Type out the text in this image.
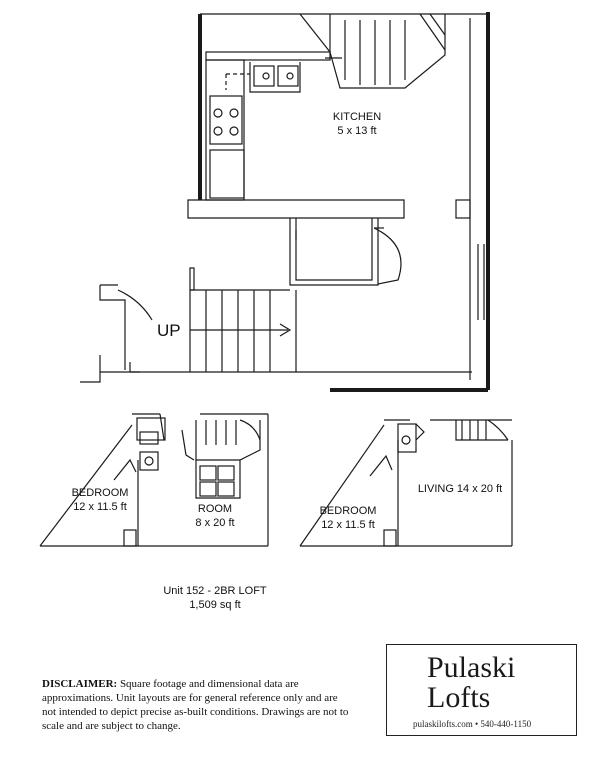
UP
KITCHEN
5 x 13 ft
BEDROOM
12 x 11.5 ft	ROOM
8 x 20 ft
BEDROOM
12 x 11.5 ft
LIVING 14 x 20 ft
Unit 152 - 2BR LOFT
1,509 sq ft
DISCLAIMER: Square footage and dimensional data are approximations. Unit layouts are for general reference only and are not intended to depict precise as-built conditions. Drawings are not to scale and are subject to change.
Pulaski
Lofts
pulaskilofts.com • 540-440-1150
